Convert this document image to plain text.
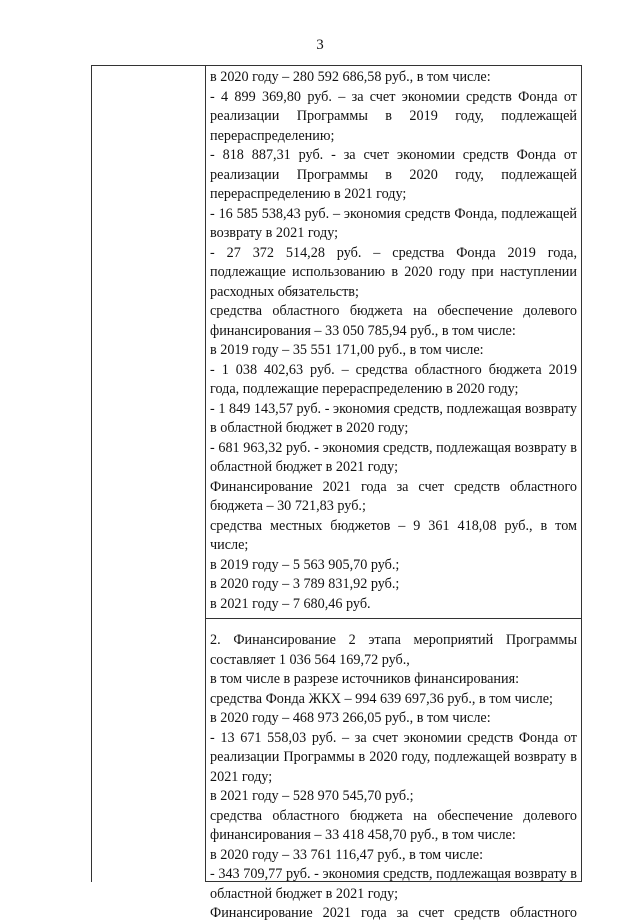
3

в 2020 году – 280 592 686,58 руб., в том числе:

- 4 899 369,80 руб. – за счет экономии средств Фонда от реализации Программы в 2019 году, подлежащей перераспределению;

- 818 887,31 руб. - за счет экономии средств Фонда от реализации Программы в 2020 году, подлежащей перераспределению в 2021 году;

- 16 585 538,43 руб. – экономия средств Фонда, подлежащей возврату в 2021 году;

- 27 372 514,28 руб. – средства Фонда 2019 года, подлежащие использованию в 2020 году при наступлении расходных обязательств;

средства областного бюджета на обеспечение долевого финансирования – 33 050 785,94 руб., в том числе:

в 2019 году – 35 551 171,00 руб., в том числе:

- 1 038 402,63 руб. – средства областного бюджета 2019 года, подлежащие перераспределению в 2020 году;

- 1 849 143,57 руб. - экономия средств, подлежащая возврату в областной бюджет в 2020 году;

- 681 963,32 руб. - экономия средств, подлежащая возврату в областной бюджет в 2021 году;

Финансирование 2021 года за счет средств областного бюджета – 30 721,83 руб.;

средства местных бюджетов – 9 361 418,08 руб., в том числе;

в 2019 году – 5 563 905,70 руб.;

в 2020 году – 3 789 831,92 руб.;

в 2021 году – 7 680,46 руб.

2. Финансирование 2 этапа мероприятий Программы составляет 1 036 564 169,72 руб.,

в том числе в разрезе источников финансирования:

средства Фонда ЖКХ – 994 639 697,36 руб., в том числе;

в 2020 году – 468 973 266,05 руб., в том числе:

- 13 671 558,03 руб. – за счет экономии средств Фонда от реализации Программы в 2020 году, подлежащей возврату в 2021 году;

в 2021 году – 528 970 545,70 руб.;

средства областного бюджета на обеспечение долевого финансирования – 33 418 458,70 руб., в том числе:

в 2020 году – 33 761 116,47 руб., в том числе:

- 343 709,77 руб. - экономия средств, подлежащая возврату в областной бюджет в 2021 году;

Финансирование 2021 года за счет средств областного
